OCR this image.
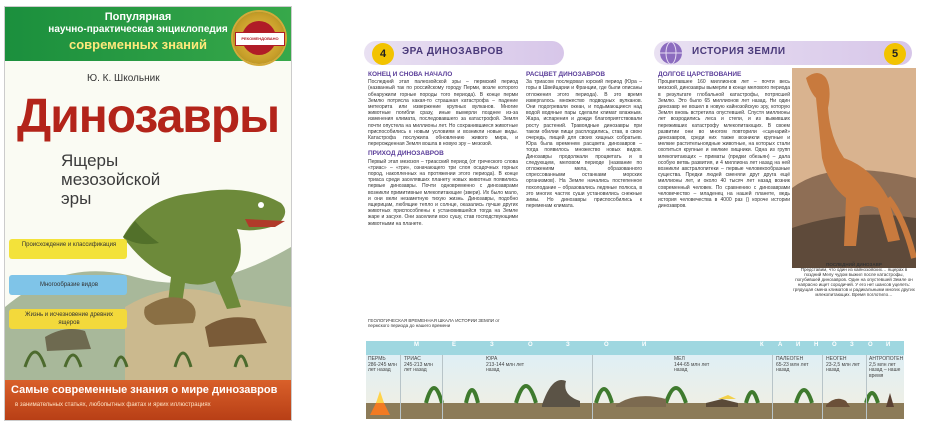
Популярная
научно-практическая энциклопедия
современных знаний	РЕКОМЕНДОВАНО
Ю. К. Школьник
Динозавры
Ящеры
мезозойской
эры
Происхождение и классификация
Многообразие видов
Жизнь и исчезновение древних ящеров
Самые современные знания о мире динозавров
в занимательных статьях, любопытных фактах и ярких иллюстрациях
4	ЭРА ДИНОЗАВРОВ	ИСТОРИЯ ЗЕМЛИ	5
КОНЕЦ И СНОВА НАЧАЛО

Последний этап палеозойской эры – пермский период (названный так по российскому городу Перми, возле которого обнаружили горные породы того периода). В конце перми Землю потрясла какая-то страшная катастрофа – падение метеорита или извержение крупных вулканов. Многие животные погибли сразу, иные вымерли позднее из-за изменения климата, последовавшего за катастрофой. Земля почти опустела на миллионы лет. Но сохранившиеся животные приспособились к новым условиям и возникли новые виды. Катастрофа послужила обновлению живого мира, и перерожденная Земля вошла в новую эру – мезозой.

ПРИХОД ДИНОЗАВРОВ

Первый этап мезозоя – триасский период (от греческого слова «триас» – «три», означающего три слоя осадочных горных пород, накопленных на протяжении этого периода). В конце триаса среди заселявших планету новых животных появились первые динозавры. Почти одновременно с динозаврами возникли примитивные млекопитающие (звери). Их было мало, и они вели незаметную тихую жизнь. Динозавры, подобно ящерицам, любящие тепло и солнце, оказались лучше других животных приспособлены к установившейся тогда на Земле жаре и засухе. Они заселили всю сушу, став господствующими животными на планете.

ГЕОЛОГИЧЕСКАЯ ВРЕМЕННАЯ ШКАЛА ИСТОРИИ ЗЕМЛИ от пермского периода до нашего времени
РАСЦВЕТ ДИНОЗАВРОВ

За триасом последовал юрский период (Юра – горы в Швейцарии и Франции, где были описаны отложения этого периода). В это время извергалось множество подводных вулканов. Они подогревали океан, и подымающиеся над водой водяные пары сделали климат влажным. Жара, испарения и дожди благоприятствовали росту растений. Травоядные динозавры при таком обилии пищи расплодились, став, в свою очередь, пищей для своих хищных собратьев. Юра была временем расцвета динозавров – тогда появилось множество новых видов. Динозавры продолжали процветать и в следующем, меловом периоде (название по отложениям мела, образованного спрессованными останками морских организмов). На Земле начались постепенное похолодание – образовались ледяные полюса, в это многих частях суши установились снежные зимы. Но динозавры приспособились к переменам климата.

ДОЛГОЕ ЦАРСТВОВАНИЕ

Процветавшее 160 миллионов лет – почти весь мезозой, динозавры вымерли в конце мелового периода в результате глобальной катастрофы, потрясшей Землю. Это было 65 миллионов лет назад. Ни один динозавр не вошел в новую кайнозойскую эру, которую Земля вновь встретила опустевшей. Спустя миллионы лет возродились леса и степи, и из выживших переживших катастрофу млекопитающих. В своем развитии они во многом повторили «сценарий» динозавров, среди них также возникли крупные и мелкие растительноядные животные, на которых стали охотиться крупные и мелкие хищники. Одна из групп млекопитающих – приматы (предки обезьян) – дала особую ветвь развития, и 4 миллиона лет назад на ней возникли австралопитеки – первые человекообразные существа. Предки людей сменяли друг друга ещё миллионы лет, и около 40 тысяч лет назад возник современный человек. По сравнению с динозаврами человечество – младенец на нашей планете, ведь история человечества в 4000 раз () короче истории динозавров.

ПОСЛЕДНИЙ ДИНОЗАВР
Представим, что один из кайнозойских… ящерах в поздний Мелу чудом выжил после катастрофы, погубившей динозавров. Один на опустевшей Земле он напрасно ищет сородичей. У его нет шансов уцелеть: грядущая смена климатов и радикальными многих других млекопитающих. Время поглотило…
М	Е	З	О	З	О	Й	К А Й Н О З О Й
ПЕРМЬ
286-245 млн лет назад
ТРИАС
245-213 млн лет назад
ЮРА
213-144 млн лет назад
МЕЛ
144-65 млн лет назад
ПАЛЕОГЕН
65-23 млн лет назад
НЕОГЕН
23-2,5 млн лет назад
АНТРОПОГЕН
2,5 млн лет назад – наше время
